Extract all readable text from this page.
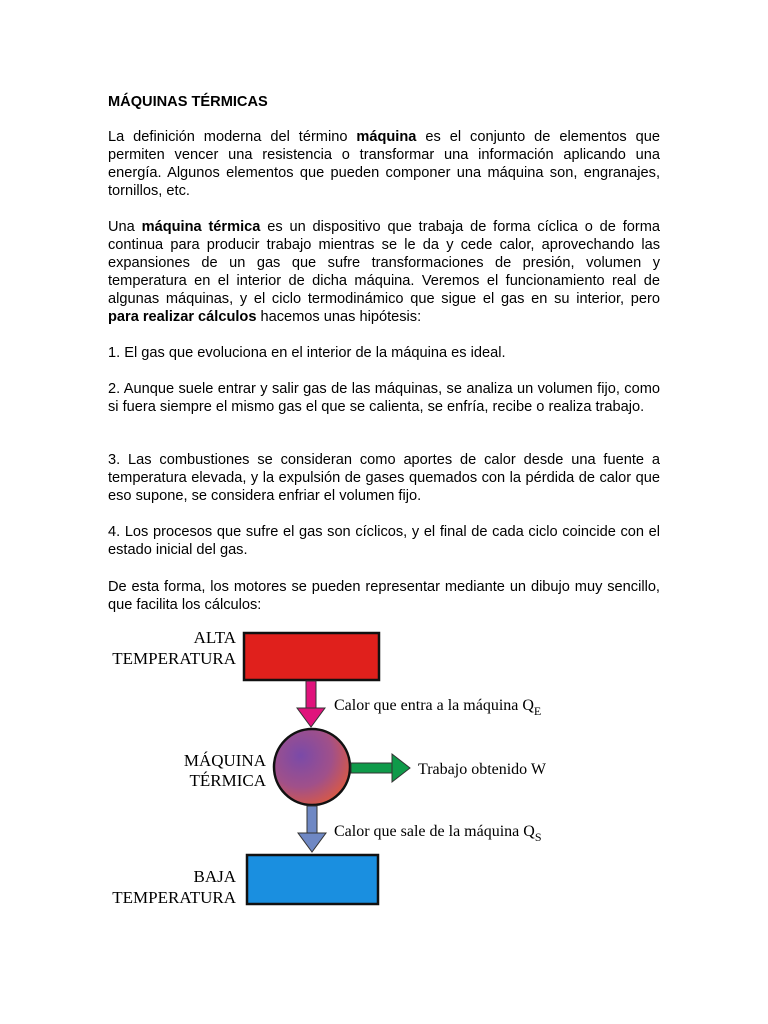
MÁQUINAS TÉRMICAS

La definición moderna del término máquina es el conjunto de elementos que permiten vencer una resistencia o transformar una información aplicando una energía. Algunos elementos que pueden componer una máquina son, engranajes, tornillos, etc.

Una máquina térmica es un dispositivo que trabaja de forma cíclica o de forma continua para producir trabajo mientras se le da y cede calor, aprovechando las expansiones de un gas que sufre transformaciones de presión, volumen y temperatura en el interior de dicha máquina. Veremos el funcionamiento real de algunas máquinas, y el ciclo termodinámico que sigue el gas en su interior, pero para realizar cálculos hacemos unas hipótesis:

1. El gas que evoluciona en el interior de la máquina es ideal.

2. Aunque suele entrar y salir gas de las máquinas, se analiza un volumen fijo, como si fuera siempre el mismo gas el que se calienta, se enfría, recibe o realiza trabajo.

3. Las combustiones se consideran como aportes de calor desde una fuente a temperatura elevada, y la expulsión de gases quemados con la pérdida de calor que eso supone, se considera enfriar el volumen fijo.

4. Los procesos que sufre el gas son cíclicos, y el final de cada ciclo coincide con el estado inicial del gas.

De esta forma, los motores se pueden representar mediante un dibujo muy sencillo, que facilita los cálculos:

ALTA
TEMPERATURA
Calor que entra a la máquina $Q_E$
MÁQUINA
TÉRMICA
Trabajo obtenido W
Calor que sale de la máquina $Q_S$
BAJA
TEMPERATURA
